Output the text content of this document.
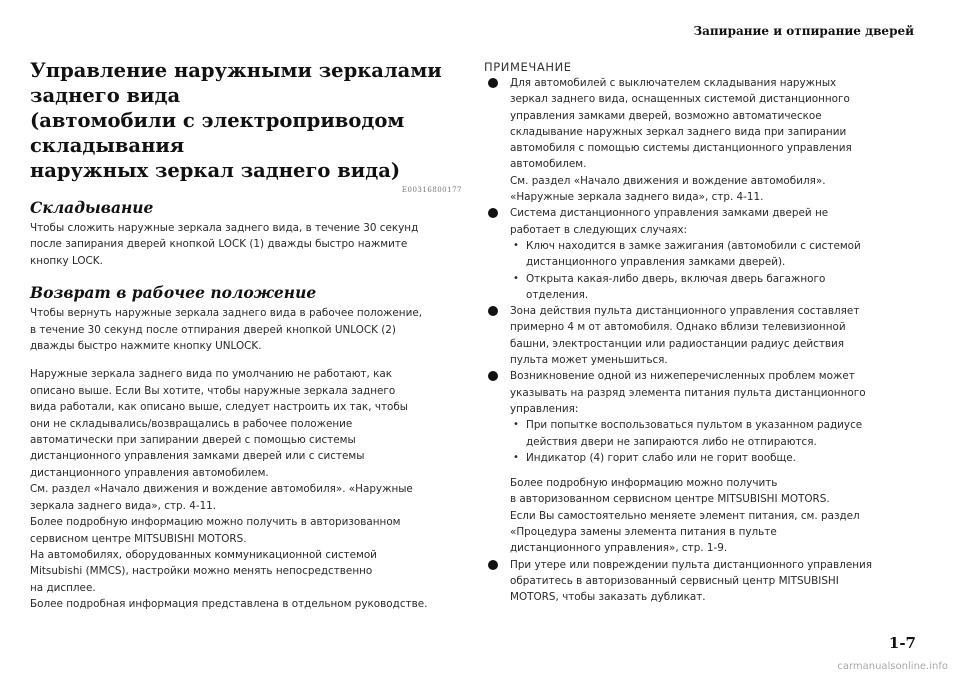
Запирание и отпирание дверей
Управление наружными зеркалами заднего вида
(автомобили с электроприводом складывания
наружных зеркал заднего вида)
E00316800177
Складывание

Чтобы сложить наружные зеркала заднего вида, в течение 30 секунд
после запирания дверей кнопкой LOCK (1) дважды быстро нажмите
кнопку LOCK.

Возврат в рабочее положение

Чтобы вернуть наружные зеркала заднего вида в рабочее положение,
в течение 30 секунд после отпирания дверей кнопкой UNLOCK (2)
дважды быстро нажмите кнопку UNLOCK.

Наружные зеркала заднего вида по умолчанию не работают, как
описано выше. Если Вы хотите, чтобы наружные зеркала заднего
вида работали, как описано выше, следует настроить их так, чтобы
они не складывались/возвращались в рабочее положение
автоматически при запирании дверей с помощью системы
дистанционного управления замками дверей или с системы
дистанционного управления автомобилем.
См. раздел «Начало движения и вождение автомобиля». «Наружные
зеркала заднего вида», стр. 4-11.
Более подробную информацию можно получить в авторизованном
сервисном центре MITSUBISHI MOTORS.
На автомобилях, оборудованных коммуникационной системой
Mitsubishi (MMCS), настройки можно менять непосредственно
на дисплее.
Более подробная информация представлена в отдельном руководстве.

ПРИМЕЧАНИЕ

Для автомобилей с выключателем складывания наружных
зеркал заднего вида, оснащенных системой дистанционного
управления замками дверей, возможно автоматическое
складывание наружных зеркал заднего вида при запирании
автомобиля с помощью системы дистанционного управления
автомобилем.
См. раздел «Начало движения и вождение автомобиля».
«Наружные зеркала заднего вида», стр. 4-11.

Система дистанционного управления замками дверей не
работает в следующих случаях:

• Ключ находится в замке зажигания (автомобили с системой
дистанционного управления замками дверей).

• Открыта какая-либо дверь, включая дверь багажного
отделения.

Зона действия пульта дистанционного управления составляет
примерно 4 м от автомобиля. Однако вблизи телевизионной
башни, электростанции или радиостанции радиус действия
пульта может уменьшиться.

Возникновение одной из нижеперечисленных проблем может
указывать на разряд элемента питания пульта дистанционного
управления:

• При попытке воспользоваться пультом в указанном радиусе
действия двери не запираются либо не отпираются.

• Индикатор (4) горит слабо или не горит вообще.

Более подробную информацию можно получить
в авторизованном сервисном центре MITSUBISHI MOTORS.
Если Вы самостоятельно меняете элемент питания, см. раздел
«Процедура замены элемента питания в пульте
дистанционного управления», стр. 1-9.

При утере или повреждении пульта дистанционного управления
обратитесь в авторизованный сервисный центр MITSUBISHI
MOTORS, чтобы заказать дубликат.

1-7
carmanualsonline.info
